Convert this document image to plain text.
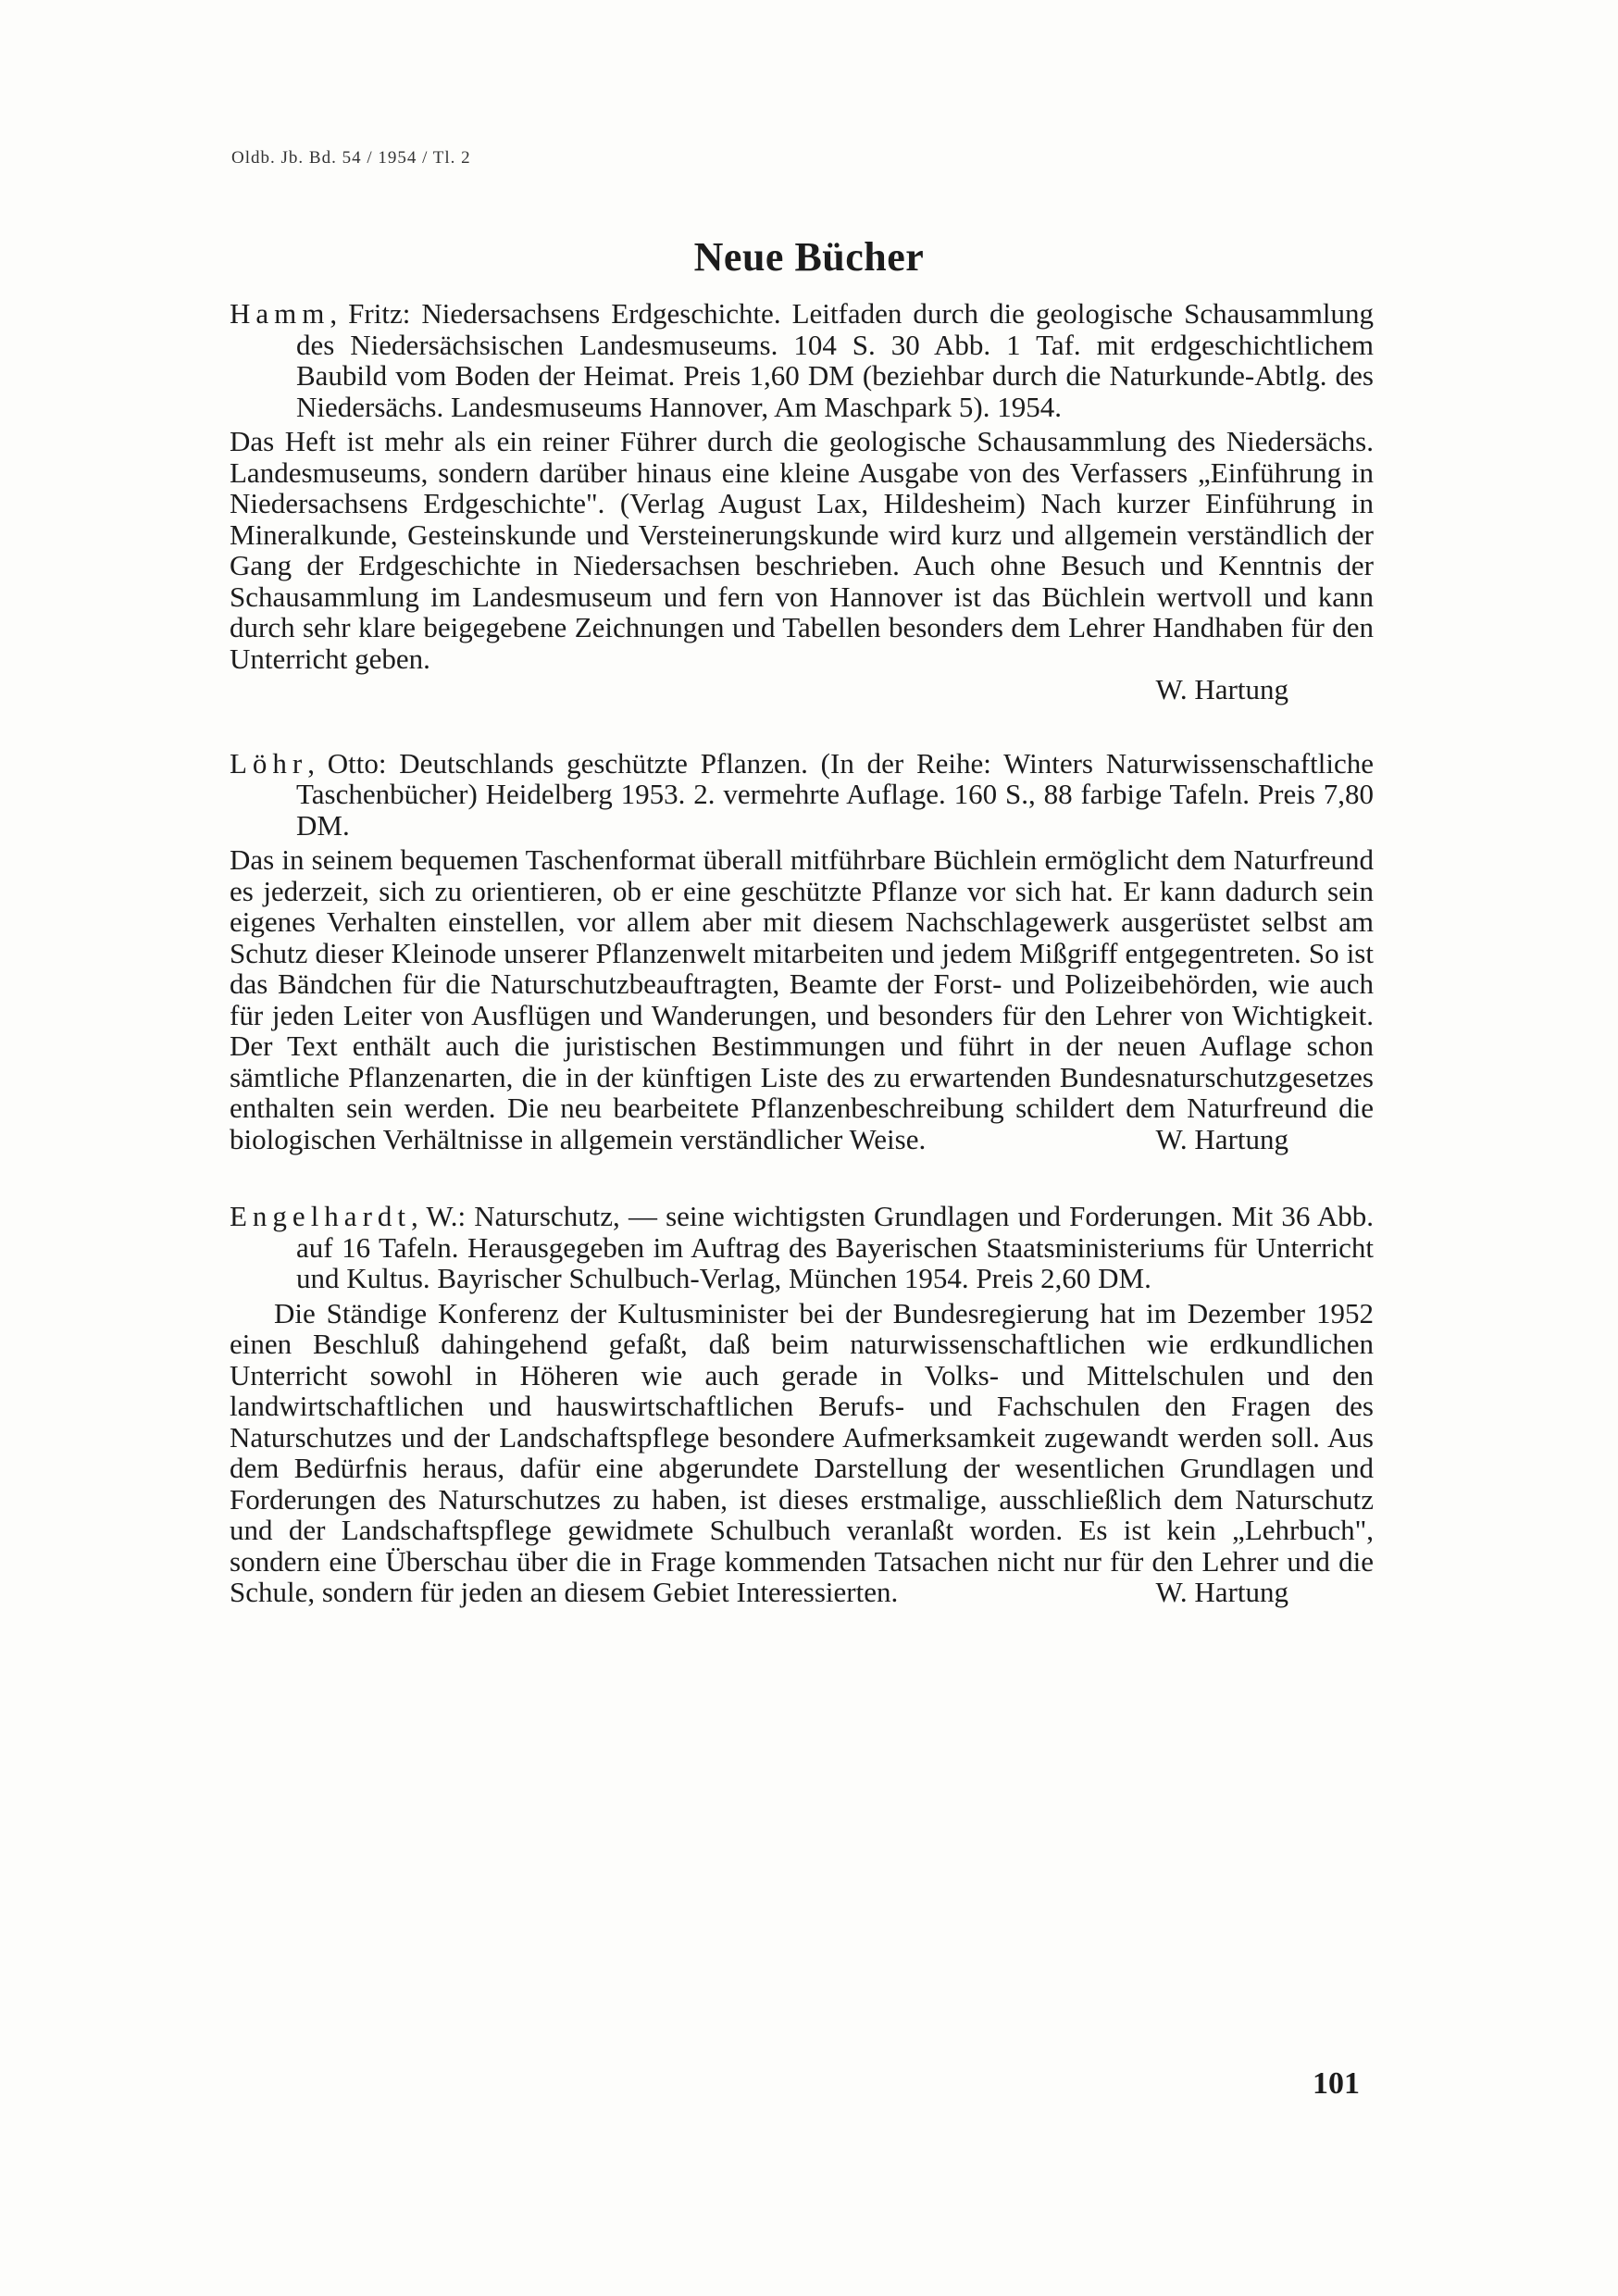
Oldb. Jb. Bd. 54 / 1954 / Tl. 2
Neue Bücher

Hamm, Fritz: Niedersachsens Erdgeschichte. Leitfaden durch die geologische Schausammlung des Niedersächsischen Landesmuseums. 104 S. 30 Abb. 1 Taf. mit erdgeschichtlichem Baubild vom Boden der Heimat. Preis 1,60 DM (beziehbar durch die Naturkunde-Abtlg. des Niedersächs. Landesmuseums Hannover, Am Maschpark 5). 1954.

Das Heft ist mehr als ein reiner Führer durch die geologische Schausammlung des Niedersächs. Landesmuseums, sondern darüber hinaus eine kleine Ausgabe von des Verfassers „Einführung in Niedersachsens Erdgeschichte". (Verlag August Lax, Hildesheim) Nach kurzer Einführung in Mineralkunde, Gesteinskunde und Versteinerungskunde wird kurz und allgemein verständlich der Gang der Erdgeschichte in Niedersachsen beschrieben. Auch ohne Besuch und Kenntnis der Schausammlung im Landesmuseum und fern von Hannover ist das Büchlein wertvoll und kann durch sehr klare beigegebene Zeichnungen und Tabellen besonders dem Lehrer Handhaben für den Unterricht geben.

W. Hartung

Löhr, Otto: Deutschlands geschützte Pflanzen. (In der Reihe: Winters Naturwissenschaftliche Taschenbücher) Heidelberg 1953. 2. vermehrte Auflage. 160 S., 88 farbige Tafeln. Preis 7,80 DM.

Das in seinem bequemen Taschenformat überall mitführbare Büchlein ermöglicht dem Naturfreund es jederzeit, sich zu orientieren, ob er eine geschützte Pflanze vor sich hat. Er kann dadurch sein eigenes Verhalten einstellen, vor allem aber mit diesem Nachschlagewerk ausgerüstet selbst am Schutz dieser Kleinode unserer Pflanzenwelt mitarbeiten und jedem Mißgriff entgegentreten. So ist das Bändchen für die Naturschutzbeauftragten, Beamte der Forst- und Polizeibehörden, wie auch für jeden Leiter von Ausflügen und Wanderungen, und besonders für den Lehrer von Wichtigkeit. Der Text enthält auch die juristischen Bestimmungen und führt in der neuen Auflage schon sämtliche Pflanzenarten, die in der künftigen Liste des zu erwartenden Bundesnaturschutzgesetzes enthalten sein werden. Die neu bearbeitete Pflanzenbeschreibung schildert dem Naturfreund die biologischen Verhältnisse in allgemein verständlicher Weise.	W. Hartung

Engelhardt, W.: Naturschutz, — seine wichtigsten Grundlagen und Forderungen. Mit 36 Abb. auf 16 Tafeln. Herausgegeben im Auftrag des Bayerischen Staatsministeriums für Unterricht und Kultus. Bayrischer Schulbuch-Verlag, München 1954. Preis 2,60 DM.

Die Ständige Konferenz der Kultusminister bei der Bundesregierung hat im Dezember 1952 einen Beschluß dahingehend gefaßt, daß beim naturwissenschaftlichen wie erdkundlichen Unterricht sowohl in Höheren wie auch gerade in Volks- und Mittelschulen und den landwirtschaftlichen und hauswirtschaftlichen Berufs- und Fachschulen den Fragen des Naturschutzes und der Landschaftspflege besondere Aufmerksamkeit zugewandt werden soll. Aus dem Bedürfnis heraus, dafür eine abgerundete Darstellung der wesentlichen Grundlagen und Forderungen des Naturschutzes zu haben, ist dieses erstmalige, ausschließlich dem Naturschutz und der Landschaftspflege gewidmete Schulbuch veranlaßt worden. Es ist kein „Lehrbuch", sondern eine Überschau über die in Frage kommenden Tatsachen nicht nur für den Lehrer und die Schule, sondern für jeden an diesem Gebiet Interessierten.	W. Hartung

101
